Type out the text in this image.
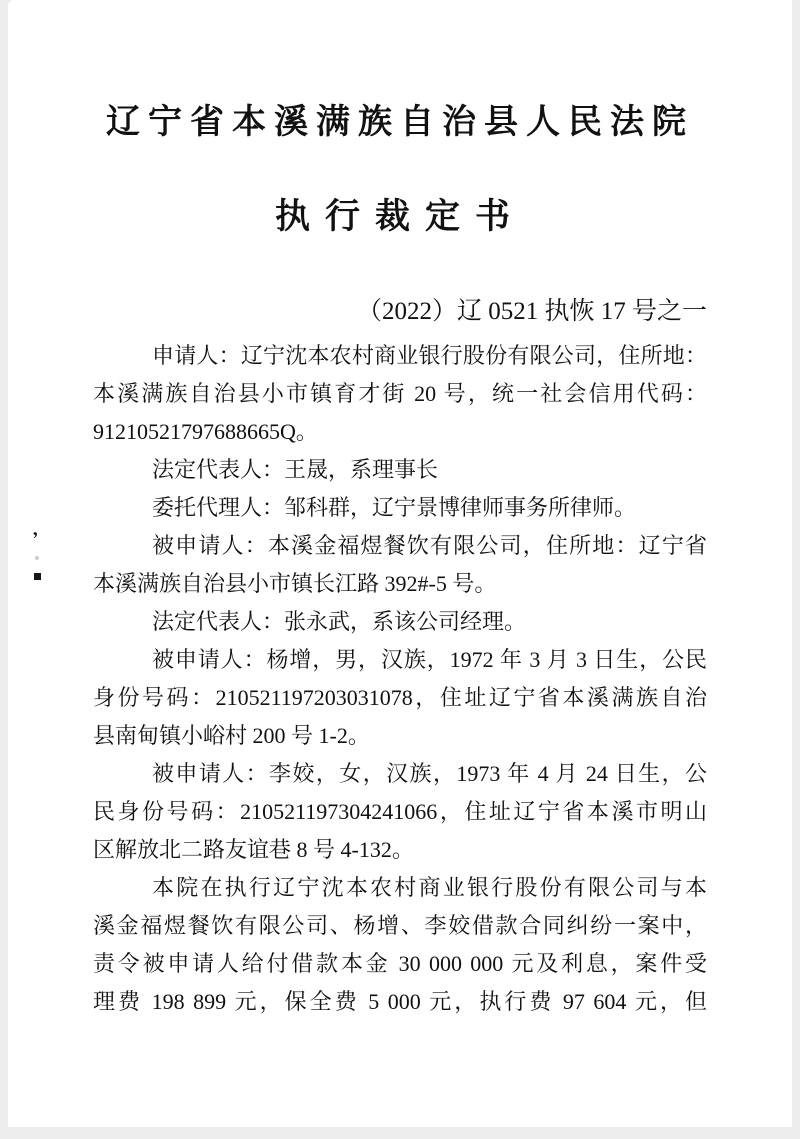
辽宁省本溪满族自治县人民法院
执行裁定书
（2022）辽 0521 执恢 17 号之一

申请人：辽宁沈本农村商业银行股份有限公司，住所地：
本溪满族自治县小市镇育才街 20 号，统一社会信用代码：
91210521797688665Q。

法定代表人：王晟，系理事长

委托代理人：邹科群，辽宁景博律师事务所律师。

被申请人：本溪金福煜餐饮有限公司，住所地：辽宁省
本溪满族自治县小市镇长江路 392#-5 号。

法定代表人：张永武，系该公司经理。

被申请人：杨增，男，汉族，1972 年 3 月 3 日生，公民
身份号码：210521197203031078，住址辽宁省本溪满族自治
县南甸镇小峪村 200 号 1-2。

被申请人：李姣，女，汉族，1973 年 4 月 24 日生，公
民身份号码：210521197304241066，住址辽宁省本溪市明山
区解放北二路友谊巷 8 号 4-132。

本院在执行辽宁沈本农村商业银行股份有限公司与本
溪金福煜餐饮有限公司、杨增、李姣借款合同纠纷一案中，
责令被申请人给付借款本金 30 000 000 元及利息，案件受
理费 198 899 元，保全费 5 000 元，执行费 97 604 元，但

,
